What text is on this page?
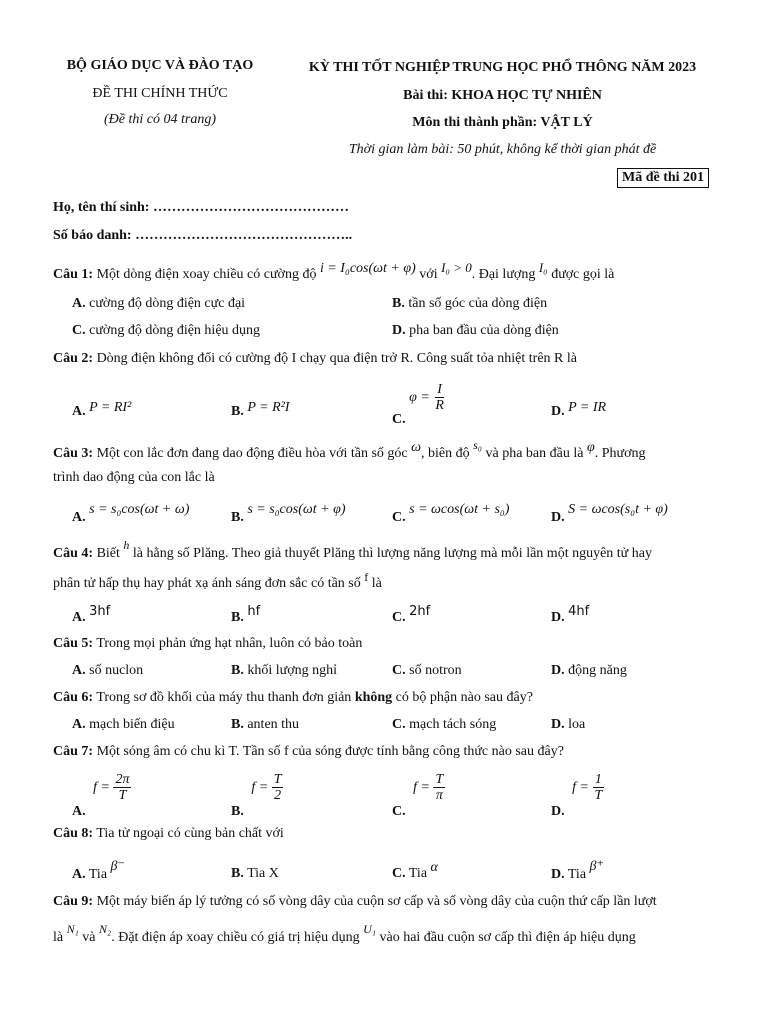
BỘ GIÁO DỤC VÀ ĐÀO TẠO
ĐỀ THI CHÍNH THỨC
(Đề thi có 04 trang)
KỲ THI TỐT NGHIỆP TRUNG HỌC PHỔ THÔNG NĂM 2023
Bài thi: KHOA HỌC TỰ NHIÊN
Môn thi thành phần: VẬT LÝ
Thời gian làm bài: 50 phút, không kể thời gian phát đề
Mã đề thi 201
Họ, tên thí sinh: ……………………………………
Số báo danh: ………………………………………..
Câu 1: Một dòng điện xoay chiều có cường độ i = I₀cos(ωt + φ) với I₀ > 0. Đại lượng I₀ được gọi là
A. cường độ dòng điện cực đại	B. tần số góc của dòng điện
C. cường độ dòng điện hiệu dụng	D. pha ban đầu của dòng điện
Câu 2: Dòng điện không đổi có cường độ I chạy qua điện trở R. Công suất tỏa nhiệt trên R là
A. P = RI²	B. P = R²I
C. $\varphi = \frac{I}{R}$	D. P = IR
Câu 3: Một con lắc đơn đang dao động điều hòa với tần số góc ω, biên độ s₀ và pha ban đầu là φ. Phương
trình dao động của con lắc là
A. s = s₀cos(ωt + ω)
B. s = s₀cos(ωt + φ)
C. s = ωcos(ωt + s₀)
D. S = ωcos(s₀t + φ)
Câu 4: Biết h là hằng số Plăng. Theo giả thuyết Plăng thì lượng năng lượng mà mỗi lần một nguyên tử hay
phân tử hấp thụ hay phát xạ ánh sáng đơn sắc có tần số f là
A. 3hf	B. hf	C. 2hf	D. 4hf
Câu 5: Trong mọi phản ứng hạt nhân, luôn có bảo toàn
A. số nuclon	B. khối lượng nghỉ	C. số notron	D. động năng
Câu 6: Trong sơ đồ khối của máy thu thanh đơn giản không có bộ phận nào sau đây?
A. mạch biến điệu	B. anten thu	C. mạch tách sóng	D. loa
Câu 7: Một sóng âm có chu kì T. Tần số f của sóng được tính bằng công thức nào sau đây?
A. $f = \frac{2\pi}{T}$
B. $f = \frac{T}{2}$
C. $f = \frac{T}{\pi}$
D. $f = \frac{1}{T}$
Câu 8: Tia tử ngoại có cùng bản chất với
A. Tia β⁻	B. Tia X	C. Tia α	D. Tia β⁺
Câu 9: Một máy biến áp lý tưởng có số vòng dây của cuộn sơ cấp và số vòng dây của cuộn thứ cấp lần lượt
là N₁ và N₂. Đặt điện áp xoay chiều có giá trị hiệu dụng U₁ vào hai đầu cuộn sơ cấp thì điện áp hiệu dụng
